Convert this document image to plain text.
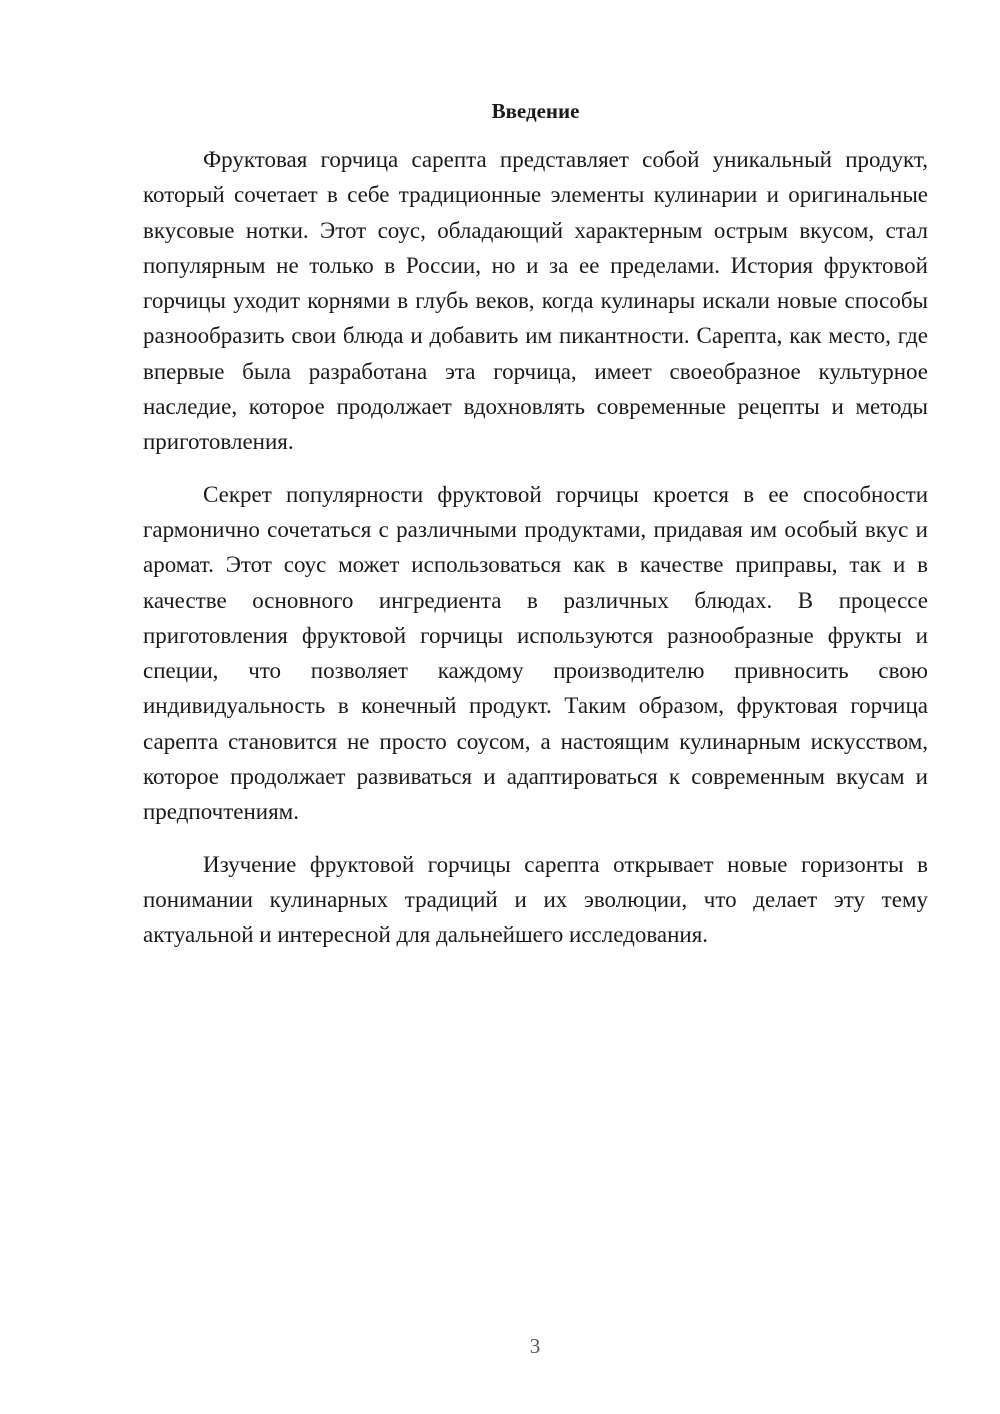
Введение

Фруктовая горчица сарепта представляет собой уникальный продукт, который сочетает в себе традиционные элементы кулинарии и оригинальные вкусовые нотки. Этот соус, обладающий характерным острым вкусом, стал популярным не только в России, но и за ее пределами. История фруктовой горчицы уходит корнями в глубь веков, когда кулинары искали новые способы разнообразить свои блюда и добавить им пикантности. Сарепта, как место, где впервые была разработана эта горчица, имеет своеобразное культурное наследие, которое продолжает вдохновлять современные рецепты и методы приготовления.

Секрет популярности фруктовой горчицы кроется в ее способности гармонично сочетаться с различными продуктами, придавая им особый вкус и аромат. Этот соус может использоваться как в качестве приправы, так и в качестве основного ингредиента в различных блюдах. В процессе приготовления фруктовой горчицы используются разнообразные фрукты и специи, что позволяет каждому производителю привносить свою индивидуальность в конечный продукт. Таким образом, фруктовая горчица сарепта становится не просто соусом, а настоящим кулинарным искусством, которое продолжает развиваться и адаптироваться к современным вкусам и предпочтениям.

Изучение фруктовой горчицы сарепта открывает новые горизонты в понимании кулинарных традиций и их эволюции, что делает эту тему актуальной и интересной для дальнейшего исследования.

3
